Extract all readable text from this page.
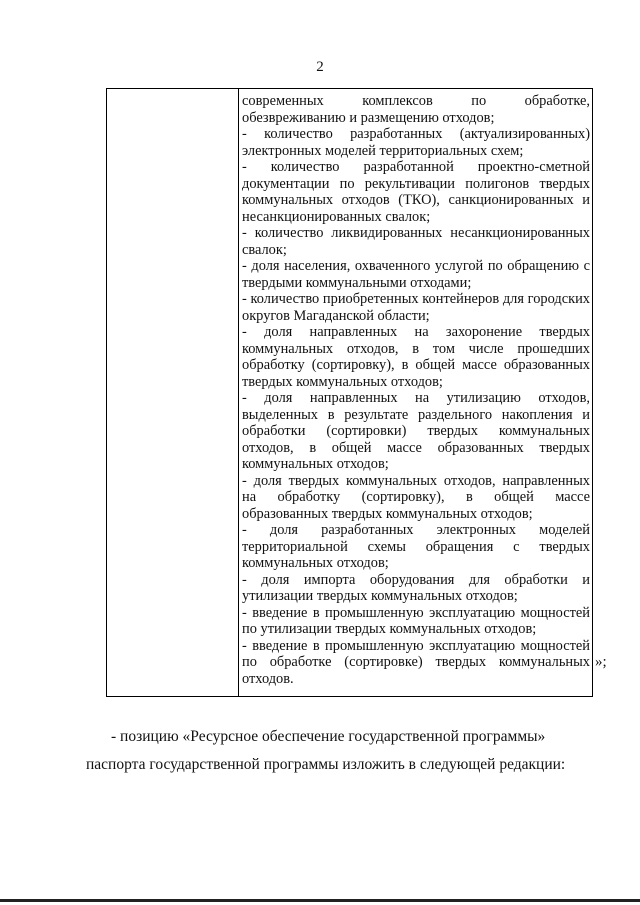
2

современных комплексов по обработке, обезвреживанию и размещению отходов;

- количество разработанных (актуализированных) электронных моделей территориальных схем;

- количество разработанной проектно-сметной документации по рекультивации полигонов твердых коммунальных отходов (ТКО), санкционированных и несанкционированных свалок;

- количество ликвидированных несанкционированных свалок;

- доля населения, охваченного услугой по обращению с твердыми коммунальными отходами;

- количество приобретенных контейнеров для городских округов Магаданской области;

- доля направленных на захоронение твердых коммунальных отходов, в том числе прошедших обработку (сортировку), в общей массе образованных твердых коммунальных отходов;

- доля направленных на утилизацию отходов, выделенных в результате раздельного накопления и обработки (сортировки) твердых коммунальных отходов, в общей массе образованных твердых коммунальных отходов;

- доля твердых коммунальных отходов, направленных на обработку (сортировку), в общей массе образованных твердых коммунальных отходов;

- доля разработанных электронных моделей территориальной схемы обращения с твердых коммунальных отходов;

- доля импорта оборудования для обработки и утилизации твердых коммунальных отходов;

- введение в промышленную эксплуатацию мощностей по утилизации твердых коммунальных отходов;

- введение в промышленную эксплуатацию мощностей по обработке (сортировке) твердых коммунальных отходов.

»;
- позицию «Ресурсное обеспечение государственной программы»
паспорта государственной программы изложить в следующей редакции:
